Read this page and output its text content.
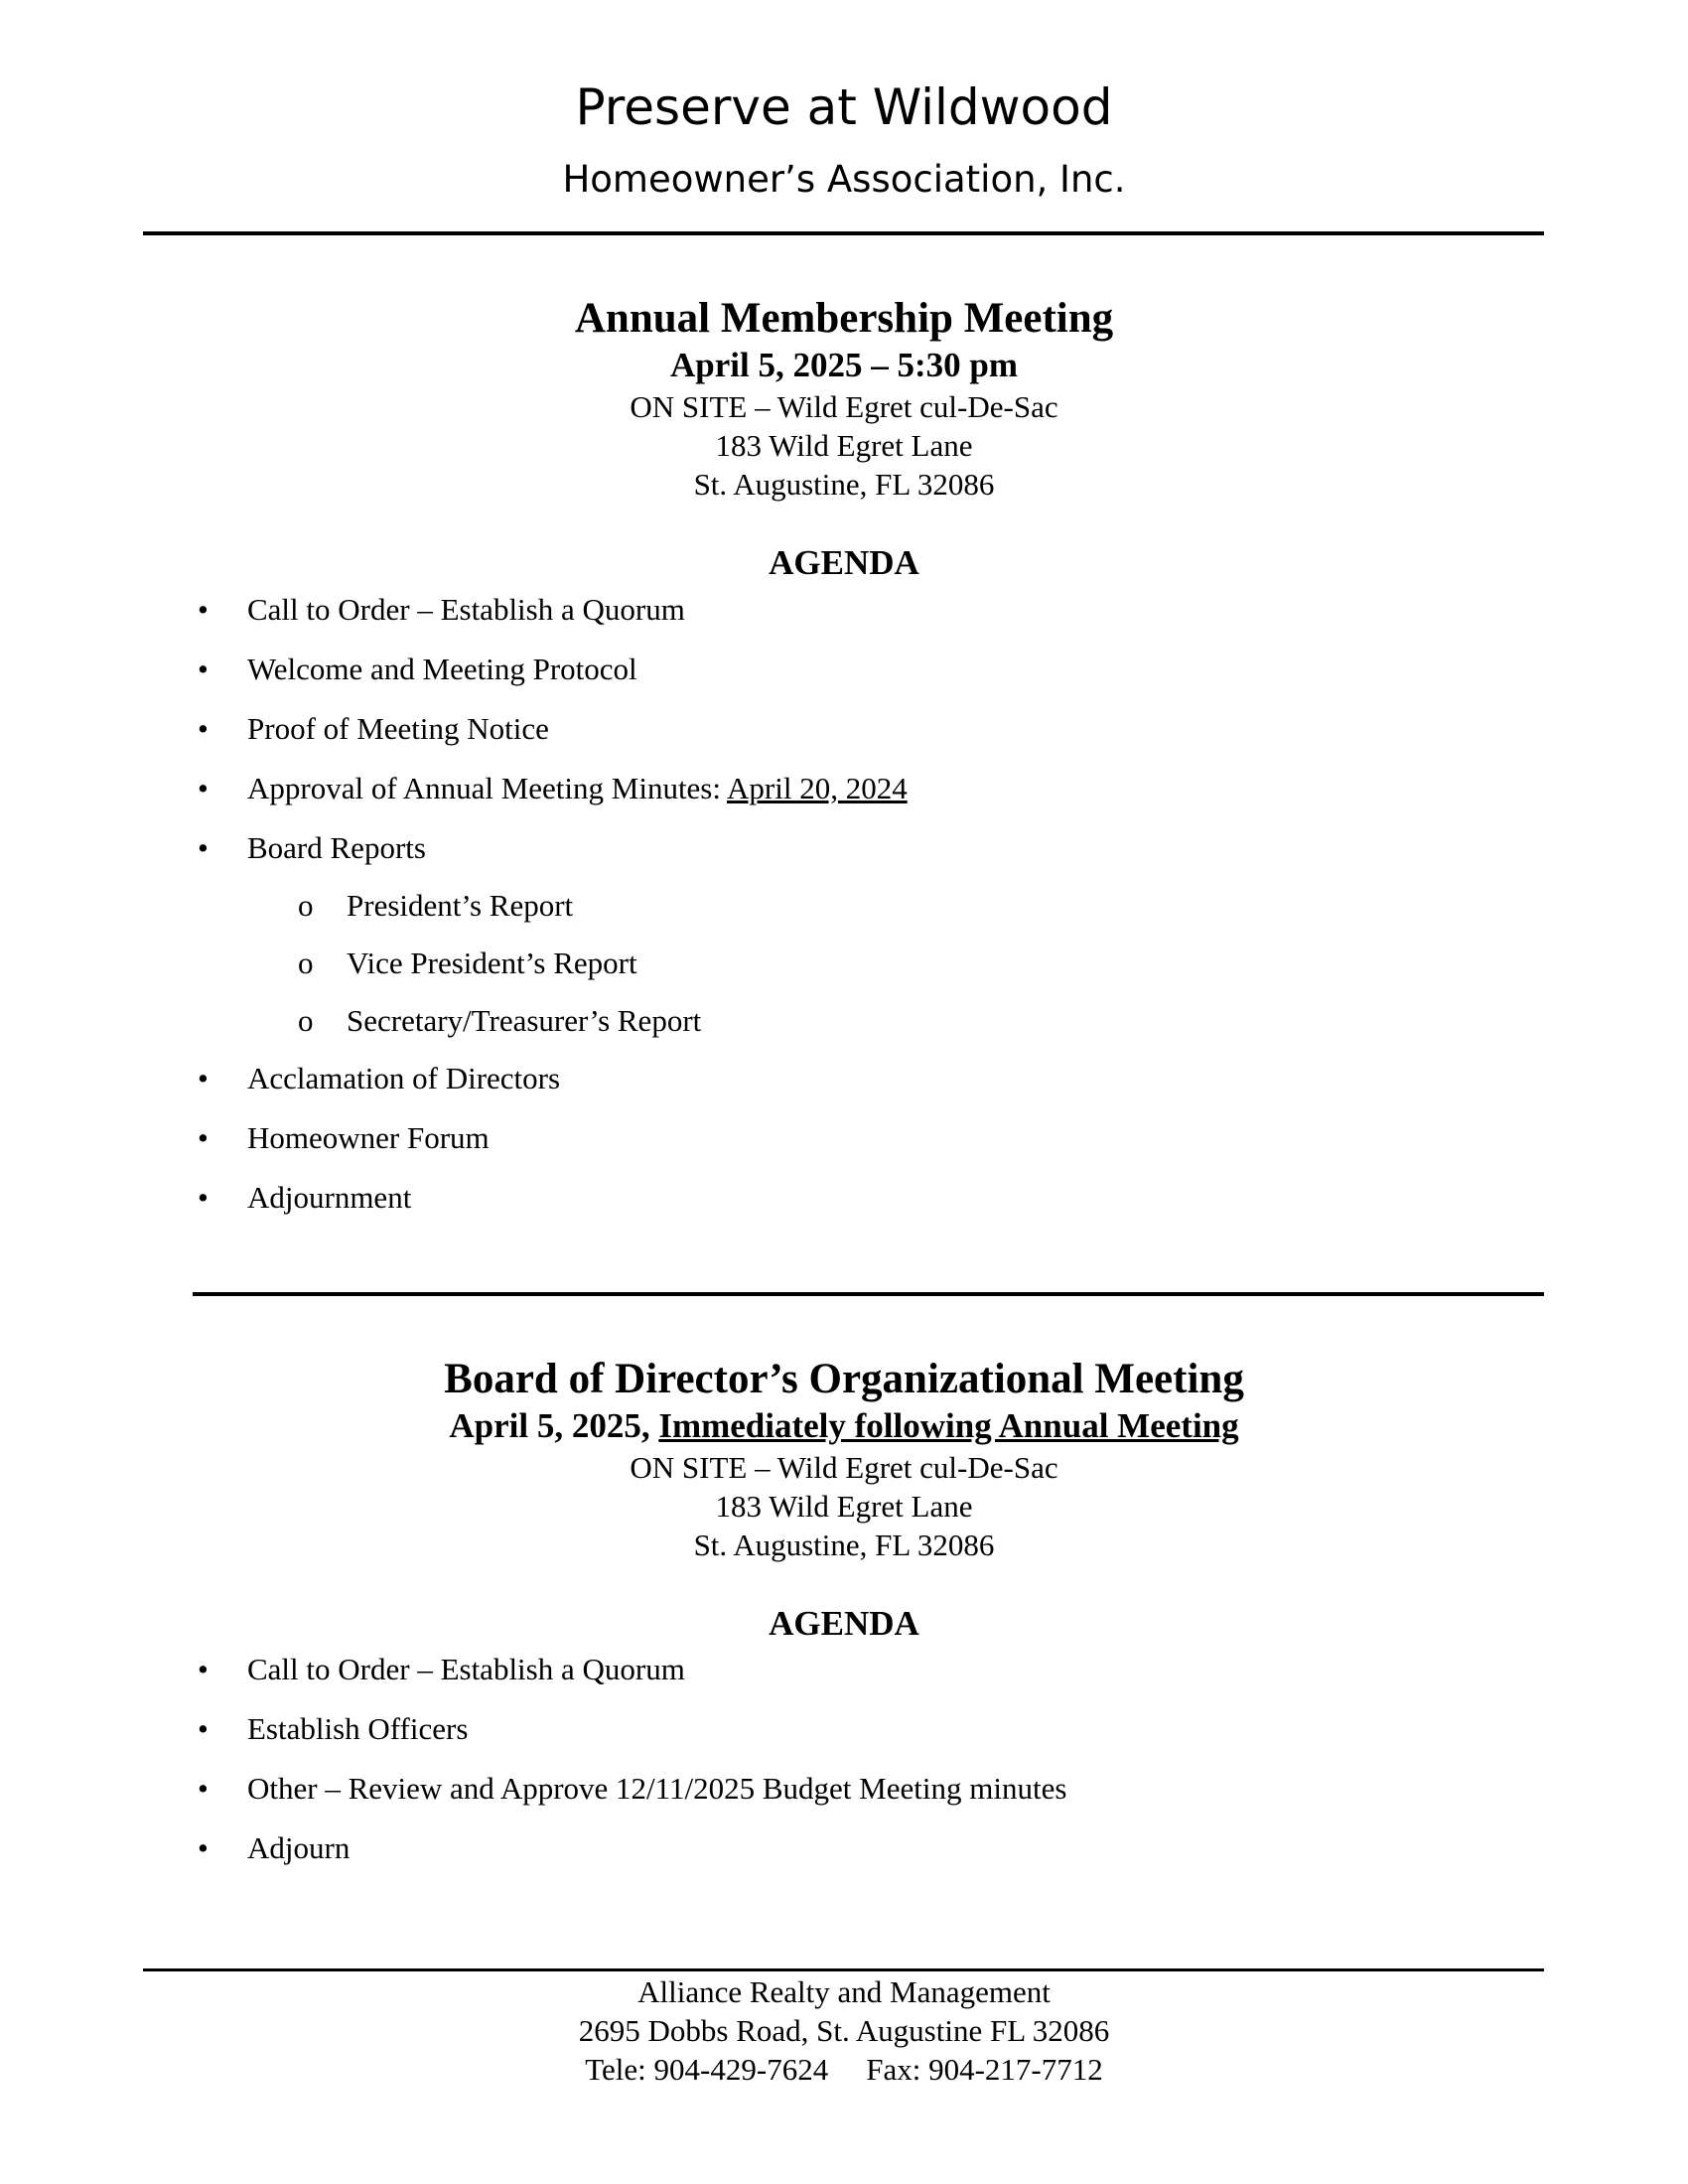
Preserve at Wildwood
Homeowner’s Association, Inc.
Annual Membership Meeting
April 5, 2025 – 5:30 pm
ON SITE – Wild Egret cul-De-Sac
183 Wild Egret Lane
St. Augustine, FL 32086
AGENDA
• Call to Order – Establish a Quorum
• Welcome and Meeting Protocol
• Proof of Meeting Notice
• Approval of Annual Meeting Minutes: April 20, 2024
• Board Reports
o President’s Report
o Vice President’s Report
o Secretary/Treasurer’s Report
• Acclamation of Directors
• Homeowner Forum
• Adjournment
Board of Director’s Organizational Meeting
April 5, 2025, Immediately following Annual Meeting
ON SITE – Wild Egret cul-De-Sac
183 Wild Egret Lane
St. Augustine, FL 32086
AGENDA
• Call to Order – Establish a Quorum
• Establish Officers
• Other – Review and Approve 12/11/2025 Budget Meeting minutes
• Adjourn
Alliance Realty and Management
2695 Dobbs Road, St. Augustine FL 32086
Tele: 904-429-7624 Fax: 904-217-7712
